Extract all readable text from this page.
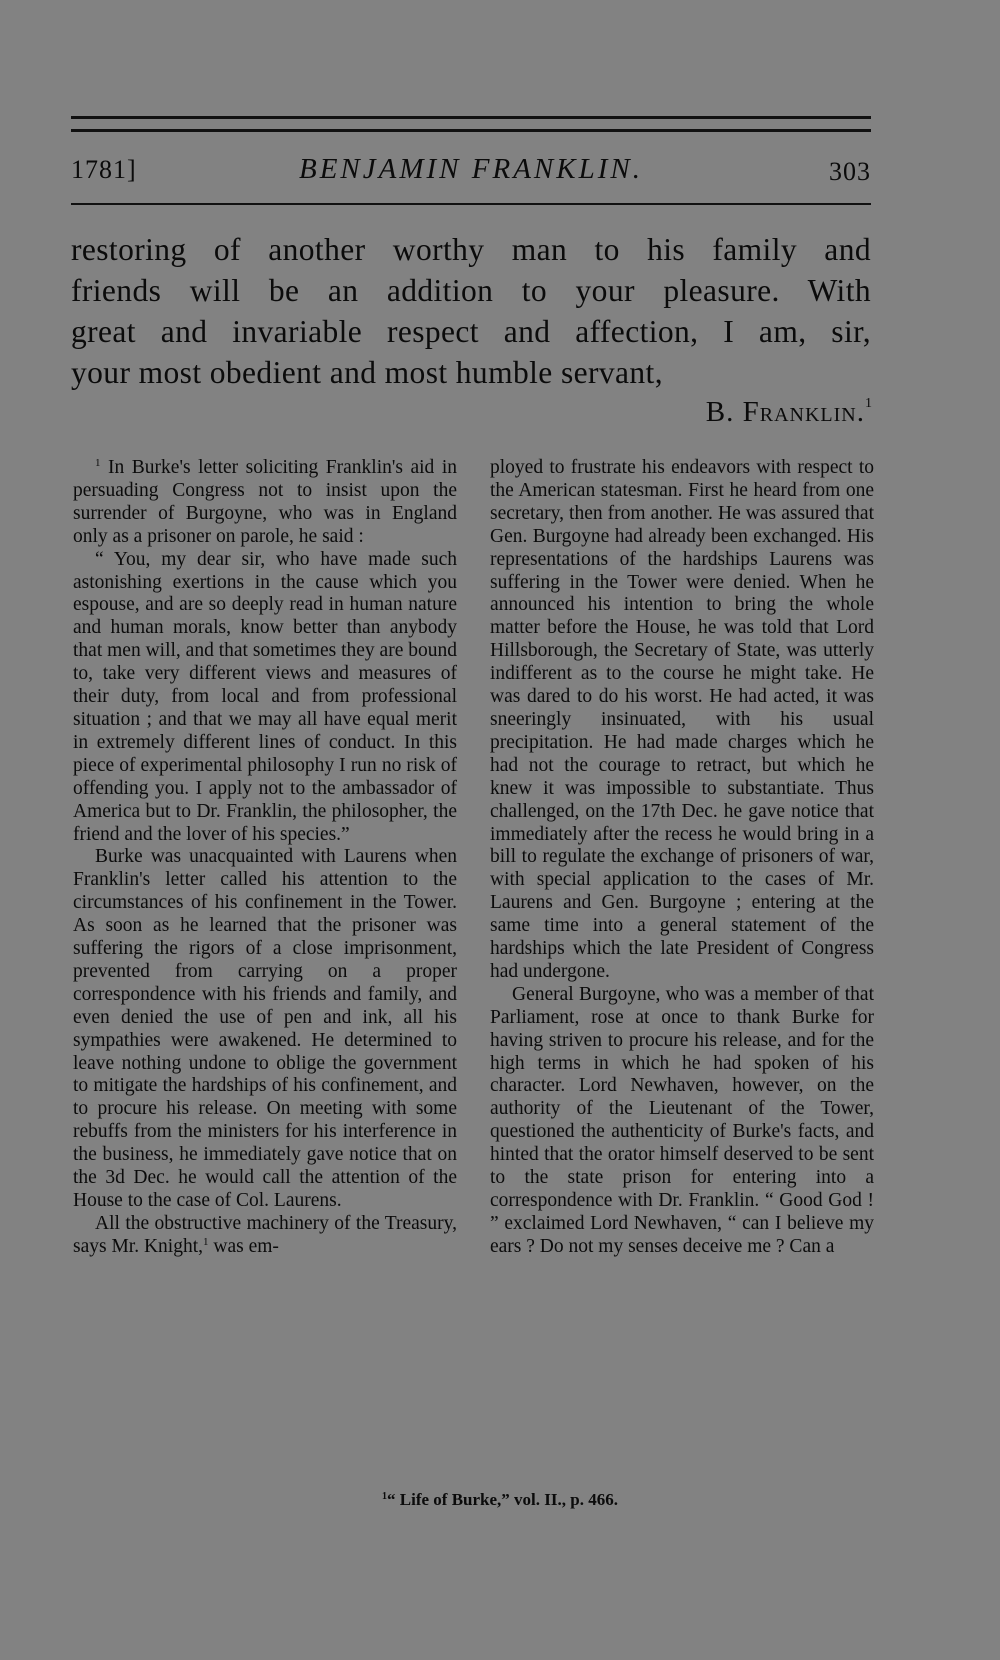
1781]	BENJAMIN FRANKLIN.	303
restoring of another worthy man to his family and
friends will be an addition to your pleasure. With
great and invariable respect and affection, I am, sir,
your most obedient and most humble servant,
B. Franklin.$^1$

$^1$ In Burke's letter soliciting Franklin's aid in persuading Congress not to insist upon the surrender of Burgoyne, who was in England only as a prisoner on parole, he said :

“ You, my dear sir, who have made such astonishing exertions in the cause which you espouse, and are so deeply read in human nature and human morals, know better than anybody that men will, and that sometimes they are bound to, take very different views and measures of their duty, from local and from professional situation ; and that we may all have equal merit in extremely different lines of conduct. In this piece of experimental philosophy I run no risk of offending you. I apply not to the ambassador of America but to Dr. Franklin, the philosopher, the friend and the lover of his species.”

Burke was unacquainted with Laurens when Franklin's letter called his attention to the circumstances of his confinement in the Tower. As soon as he learned that the prisoner was suffering the rigors of a close imprisonment, prevented from carrying on a proper correspondence with his friends and family, and even denied the use of pen and ink, all his sympathies were awakened. He determined to leave nothing undone to oblige the government to mitigate the hardships of his confinement, and to procure his release. On meeting with some rebuffs from the ministers for his interference in the business, he immediately gave notice that on the 3d Dec. he would call the attention of the House to the case of Col. Laurens.

All the obstructive machinery of the Treasury, says Mr. Knight,$^1$ was em-

ployed to frustrate his endeavors with respect to the American statesman. First he heard from one secretary, then from another. He was assured that Gen. Burgoyne had already been exchanged. His representations of the hardships Laurens was suffering in the Tower were denied. When he announced his intention to bring the whole matter before the House, he was told that Lord Hillsborough, the Secretary of State, was utterly indifferent as to the course he might take. He was dared to do his worst. He had acted, it was sneeringly insinuated, with his usual precipitation. He had made charges which he had not the courage to retract, but which he knew it was impossible to substantiate. Thus challenged, on the 17th Dec. he gave notice that immediately after the recess he would bring in a bill to regulate the exchange of prisoners of war, with special application to the cases of Mr. Laurens and Gen. Burgoyne ; entering at the same time into a general statement of the hardships which the late President of Congress had undergone.

General Burgoyne, who was a member of that Parliament, rose at once to thank Burke for having striven to procure his release, and for the high terms in which he had spoken of his character. Lord Newhaven, however, on the authority of the Lieutenant of the Tower, questioned the authenticity of Burke's facts, and hinted that the orator himself deserved to be sent to the state prison for entering into a correspondence with Dr. Franklin. “ Good God ! ” exclaimed Lord Newhaven, “ can I believe my ears ? Do not my senses deceive me ? Can a

$^1$“ Life of Burke,” vol. II., p. 466.
